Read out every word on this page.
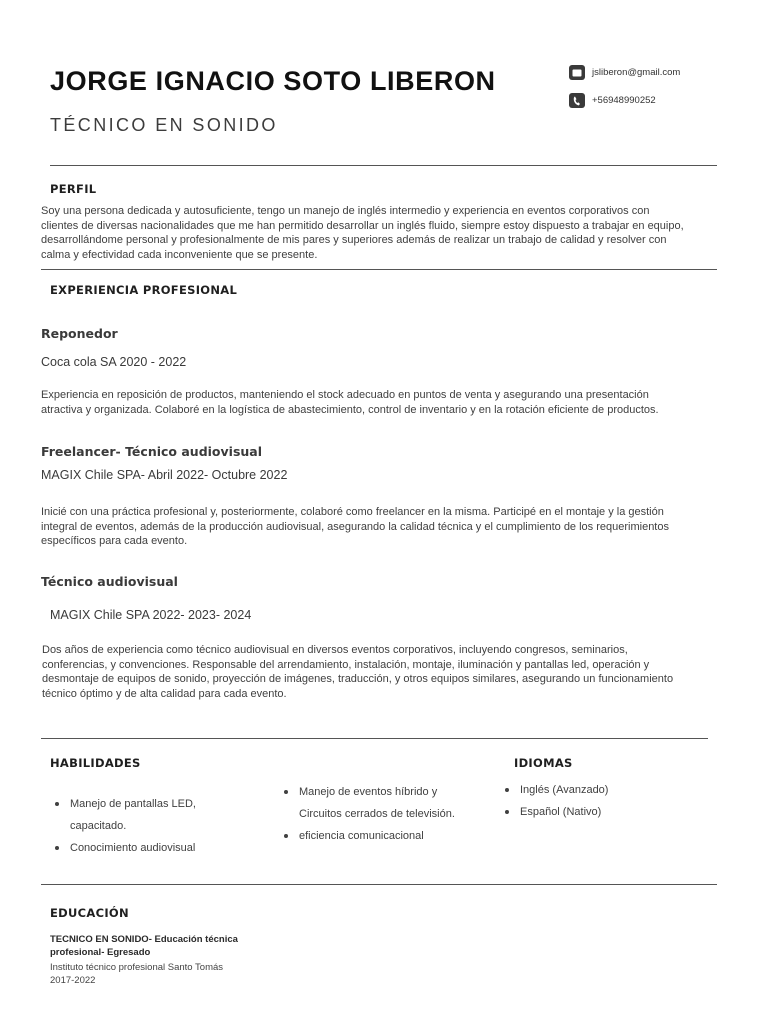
JORGE IGNACIO SOTO LIBERON
TÉCNICO EN SONIDO
jsliberon@gmail.com
+56948990252
PERFIL
Soy una persona dedicada y autosuficiente, tengo un manejo de inglés intermedio y experiencia en eventos corporativos con
clientes de diversas nacionalidades que me han permitido desarrollar un inglés fluido, siempre estoy dispuesto a trabajar en equipo,
desarrollándome personal y profesionalmente de mis pares y superiores además de realizar un trabajo de calidad y resolver con
calma y efectividad cada inconveniente que se presente.
EXPERIENCIA PROFESIONAL
Reponedor
Coca cola SA 2020 - 2022
Experiencia en reposición de productos, manteniendo el stock adecuado en puntos de venta y asegurando una presentación
atractiva y organizada. Colaboré en la logística de abastecimiento, control de inventario y en la rotación eficiente de productos.
Freelancer- Técnico audiovisual
MAGIX Chile SPA- Abril 2022- Octubre 2022
Inicié con una práctica profesional y, posteriormente, colaboré como freelancer en la misma. Participé en el montaje y la gestión
integral de eventos, además de la producción audiovisual, asegurando la calidad técnica y el cumplimiento de los requerimientos
específicos para cada evento.
Técnico audiovisual
MAGIX Chile SPA 2022- 2023- 2024
Dos años de experiencia como técnico audiovisual en diversos eventos corporativos, incluyendo congresos, seminarios,
conferencias, y convenciones. Responsable del arrendamiento, instalación, montaje, iluminación y pantallas led, operación y
desmontaje de equipos de sonido, proyección de imágenes, traducción, y otros equipos similares, asegurando un funcionamiento
técnico óptimo y de alta calidad para cada evento.
HABILIDADES
Manejo de pantallas LED,
capacitado.
Conocimiento audiovisual
Manejo de eventos híbrido y
Circuitos cerrados de televisión.
eficiencia comunicacional
IDIOMAS
Inglés (Avanzado)
Español (Nativo)
EDUCACIÓN
TECNICO EN SONIDO- Educación técnica
profesional- Egresado
Instituto técnico profesional Santo Tomás
2017-2022
